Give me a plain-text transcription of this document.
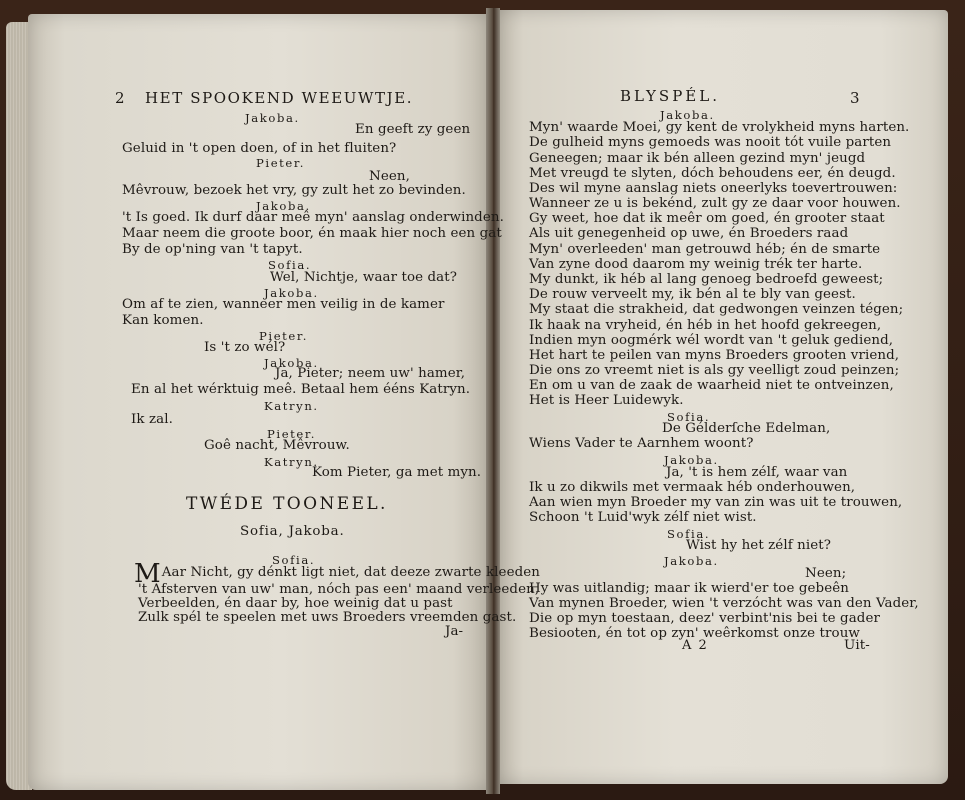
2 HET SPOOKEND WEEUWTJE.
Jakoba.
En geeft zy geen
Geluid in 't open doen, of in het fluiten?
Pieter.
Neen,
Mêvrouw, bezoek het vry, gy zult het zo bevinden.
Jakoba.
't Is goed. Ik durf daar meê myn' aanslag onderwinden.
Maar neem die groote boor, én maak hier noch een gat
By de op'ning van 't tapyt.
Sofia.
Wel, Nichtje, waar toe dat?
Jakoba.
Om af te zien, wanneer men veilig in de kamer
Kan komen.
Pieter.
Is 't zo wél?
Jakoba.
Ja, Pieter; neem uw' hamer,
En al het wérktuig meê. Betaal hem ééns Katryn.
Katryn.
Ik zal.
Pieter.
Goê nacht, Mêvrouw.
Katryn.
Kom Pieter, ga met myn.
TWÉDE TOONEEL.
Sofia, Jakoba.
Sofia.
MAar Nicht, gy dénkt ligt niet, dat deeze zwarte kleeden
't Afsterven van uw' man, nóch pas een' maand verleeden,
Verbeelden, én daar by, hoe weinig dat u past
Zulk spél te speelen met uws Broeders vreemden gast.
Ja-
BLYSPÉL.	3
Jakoba.
Myn' waarde Moei, gy kent de vrolykheid myns harten.
De gulheid myns gemoeds was nooit tót vuile parten
Geneegen; maar ik bén alleen gezind myn' jeugd
Met vreugd te slyten, dóch behoudens eer, én deugd.
Des wil myne aanslag niets oneerlyks toevertrouwen:
Wanneer ze u is bekénd, zult gy ze daar voor houwen.
Gy weet, hoe dat ik meêr om goed, én grooter staat
Als uit genegenheid op uwe, én Broeders raad
Myn' overleeden' man getrouwd héb; én de smarte
Van zyne dood daarom my weinig trék ter harte.
My dunkt, ik héb al lang genoeg bedroefd geweest;
De rouw verveelt my, ik bén al te bly van geest.
My staat die strakheid, dat gedwongen veinzen tégen;
Ik haak na vryheid, én héb in het hoofd gekreegen,
Indien myn oogmérk wél wordt van 't geluk gediend,
Het hart te peilen van myns Broeders grooten vriend,
Die ons zo vreemt niet is als gy veelligt zoud peinzen;
En om u van de zaak de waarheid niet te ontveinzen,
Het is Heer Luidewyk.
Sofia.
De Gélderſche Edelman,
Wiens Vader te Aarnhem woont?
Jakoba.
Ja, 't is hem zélf, waar van
Ik u zo dikwils met vermaak héb onderhouwen,
Aan wien myn Broeder my van zin was uit te trouwen,
Schoon 't Luid'wyk zélf niet wist.
Sofia.
Wist hy het zélf niet?
Jakoba.
Neen;
Hy was uitlandig; maar ik wierd'er toe gebeên
Van mynen Broeder, wien 't verzócht was van den Vader,
Die op myn toestaan, deez' verbint'nis bei te gader
Besiooten, én tot op zyn' weêrkomst onze trouw
A 2	Uit-
